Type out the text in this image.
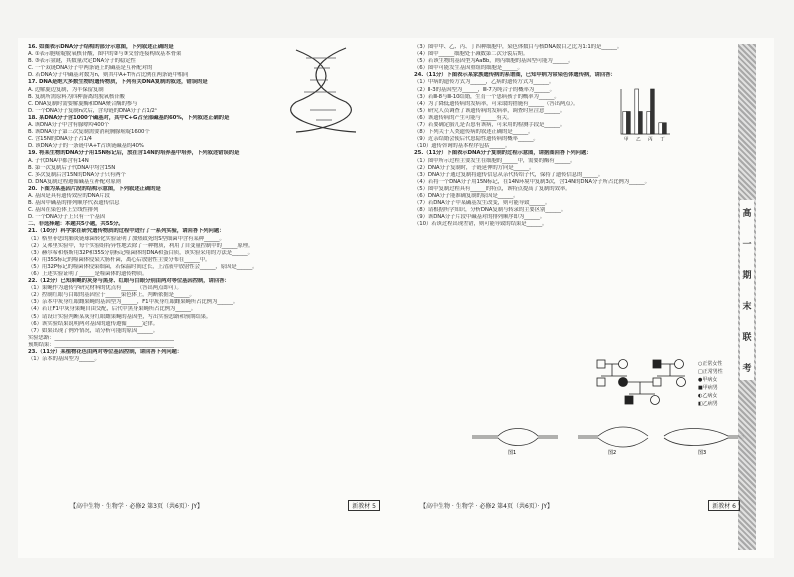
16. 如图表示DNA分子结构的部分示意图，下列叙述正确的是
A. ①表示胞嘧啶脱氧核苷酸，图中的②与③交替连接构成基本骨架
B. ③表示氢键，其数量决定DNA分子的稳定性
C. 一个双链DNA分子中两条链上的碱基是互补配对的
D. 若DNA分子中碱基对数为n，则其中A+T所占比例在两条链中相同
17. DNA是绝大多数生物的遗传物质，下列有关DNA复制的叙述，错误的是
A. 边解旋边复制，为半保留复制
B. 复制所需原料为四种游离的脱氧核苷酸
C. DNA复制时需要解旋酶和DNA聚合酶的参与
D. 一个DNA分子复制n次后，含母链的DNA分子占1/2ⁿ
18. 某DNA分子含1000个碱基对，其中C+G占全部碱基的60%，下列叙述正确的是
A. 该DNA分子中含有腺嘌呤400个
B. 该DNA分子第三次复制需要消耗胸腺嘧啶1600个
C. 含15N的DNA分子占1/4
D. 该DNA分子的一条链中A+T占该链碱基的40%
19. 将某生物的DNA分子用15N标记后，放在含14N的培养基中培养，下列叙述错误的是
A. 子代DNA中都含有14N
B. 第一次复制后子代DNA中均含15N
C. 多次复制后含15N的DNA分子只有两个
D. DNA复制过程遵循碱基互补配对原则
20. 下图为某基因片段的结构示意图，下列叙述正确的是
A. 基因是具有遗传效应的DNA片段
B. 基因中碱基的排列顺序代表遗传信息
C. 基因在染色体上呈线性排列
D. 一个DNA分子上只有一个基因
二、非选择题：本题共5小题，共55分。
21.（10分）科学家在研究遗传物质的过程中进行了一系列实验，请回答下列问题：
（1）格里菲思的肺炎链球菌转化实验证明了加热致死的S型细菌中含有某种______。
（2）艾弗里实验中，每个实验组特异性地去除了一种物质，利用了自变量控制中的______原理。
（3）赫尔希和蔡斯用32P和35S分别标记噬菌体的DNA和蛋白质，该实验采用的方法是______。
（4）用35S标记的噬菌体侵染大肠杆菌，离心后放射性主要分布在______中。
（5）用32P标记的噬菌体侵染细菌，若保温时间过长，上清液中放射性会______，原因是______。
（6）上述实验证明了______是噬菌体的遗传物质。
22.（12分）已知果蝇的灰身与黑身、红眼与白眼分别由两对等位基因控制，请回答：
（1）果蝇作为遗传学研究材料的优点有______（答出两点即可）。
（2）控制红眼与白眼的基因位于______染色体上，判断依据是______。
（3）亲本中灰身红眼雌果蝇的基因型为______，F1中灰身红眼雌果蝇所占比例为______。
（4）若让F1中灰身果蝇自由交配，后代中黑身果蝇所占比例为______。
（5）请设计实验判断某灰身红眼雌果蝇的基因型，写出实验思路和预期结果。
（6）该实验结果说明两对基因的遗传遵循______定律。
（7）如果出现了例外情况，请分析可能的原因______。
实验思路：______________________________________________
预期结果：______________________________________________
23.（11分）某植物花色由两对等位基因控制，请回答下列问题：
（1）亲本的基因型为______。
（3）图中甲、乙、丙、丁四种细胞中，染色体数目与核DNA数目之比为1:1的是______。
（4）图中______细胞处于减数第二次分裂后期。
（5）若该生物的基因型为AaBb，则丙细胞的基因型可能为______。
（6）图中可能发生基因重组的细胞是______。
24.（11分）下图表示某家族遗传病的系谱图，已知甲病为常染色体遗传病，请回答：
（1）甲病的遗传方式为______，乙病的遗传方式为______。
（2）Ⅱ-3的基因型为______，Ⅲ-7为纯合子的概率为______。
（3）若Ⅲ-8与Ⅲ-10结婚，生育一个患病孩子的概率为______。
（4）为了降低遗传病的发病率，可采取的措施有______（答出两点）。
（5）研究人员调查了该遗传病的发病率，调查时应注意______。
（6）该遗传病的产生可能与______有关。
（7）若要确定胎儿是否患有该病，可采用的检测手段是______。
（8）下列关于人类遗传病的叙述正确的是______。
（9）近亲结婚会使后代患隐性遗传病的概率______。
（10）遗传咨询的基本程序包括______。
25.（11分）下图表示DNA分子复制的过程示意图，请据图回答下列问题：
（1）图中所示过程主要发生在细胞的______中，需要的酶有______。
（2）DNA分子复制时，子链延伸的方向是______。
（3）DNA分子通过复制将遗传信息从亲代传给子代，保持了遗传信息的______。
（4）若将一个DNA分子用15N标记，在14N环境中复制3次，含14N的DNA分子所占比例为______。
（5）图中复制过程具有______的特点，该特点提高了复制的效率。
（6）DNA分子能准确复制的原因是______。
（7）若DNA分子中某碱基发生改变，则可能导致______。
（8）请根据所学知识，分析DNA复制与转录的主要区别______。
（9）该DNA分子片段中碱基对的排列顺序即为______。
（10）若该过程出现差错，则可能导致的结果是______。
甲 乙 丙 丁
图1	图2	图3
○正常女性
□正常男性
●甲病女
■甲病男
◐乙病女
◧乙病男
高
一
期
末
联
考
【高中生物 · 生物学 · 必修2 第3页（共6页）· JY】	新教材 5	【高中生物 · 生物学 · 必修2 第4页（共6页）· JY】	新教材 6
